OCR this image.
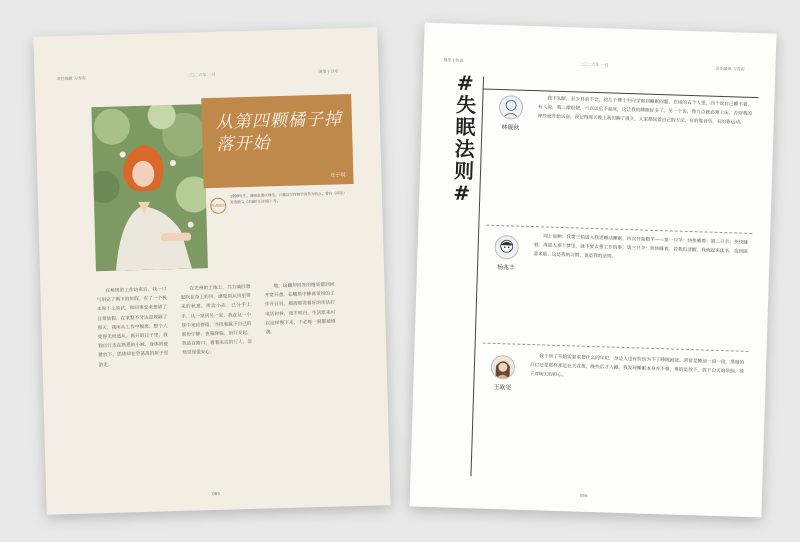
责任编辑 习雪容
二〇二六年 一月
随笔 | 百家
从第四颗橘子掉落开始
庄子琪
作者简介
1999年生。漫咽食重庆师范。兴趣以写作和学读各为特点。曾在《萌芽》发表散文《采撷旧日的甜》等。
在杨规的工作结束后，我一口气用完了剩下的年假。有了一个极本和不上的试，和同事安来想请了日常放假，在家整不分达是规隔了那天，我所从工作中脱离，整个人变得无所适从。离开的日子里，我独自行走在熟悉的小城，身体的疲惫放下，思绪却在空荡荡的屋子里游走。
在光州的土地上，共力熵回想起吹在身上的风，感受到从风里带来的秋意。街边小店，已分手上手，从一家到另一家，我在这一小巷中来回停留，寻找着属于自己的那份宁静。夜幕降临，街灯亮起，我站在路口，看着来往的行人，忽然觉得很安心。
地，这翻却回答的格实都到回开宽开意。在哪里中蜂离常用的工作开日说，那离那说着好的走话打电话时候，我才明白，生活原来可以这样慢下来，不必每一刻都被填满。
065
随笔 | 我说
二〇二六年 一月
责任编辑 习雪容
#
失
眠
法
则
#
林砚秋
我不失眠，至少目前不会。初几个博士生同学都到睡眠问题，在场的五个人里，四个说自己睡不着，有人说，我二撑很便，六点以后不起床，这让我的睡眠好多了。另一个说，我九点就必须上床，否则我的神经就开始兴奋。我记得那天晚上我们聊了很久，大家都说着自己的方法，有的靠音乐，有的靠运动。
杨兆丰
词上说啊：我第三怕进入我退睡动睡眠，四次开始数羊——第一只羊：快快睡着；第二只羊：快快睡着，再进入那个梦里，就不要去想工作的事；第三只羊：快快睡着。若我们清醒，我就起来读书，直到困意来临，这是我的习惯，也是我的法则。
王欧雯
我于到了开始需要求把什么的年纪，身边人也有纷纷为不了睡眠困扰。常常是睡前一段一段，黑暗的灯打还是那样那是在关花板，晚些后才入睡。我发现睡眠本身并不难，难的是放下，放下白天的烦恼，放下对明天的担心。
066
